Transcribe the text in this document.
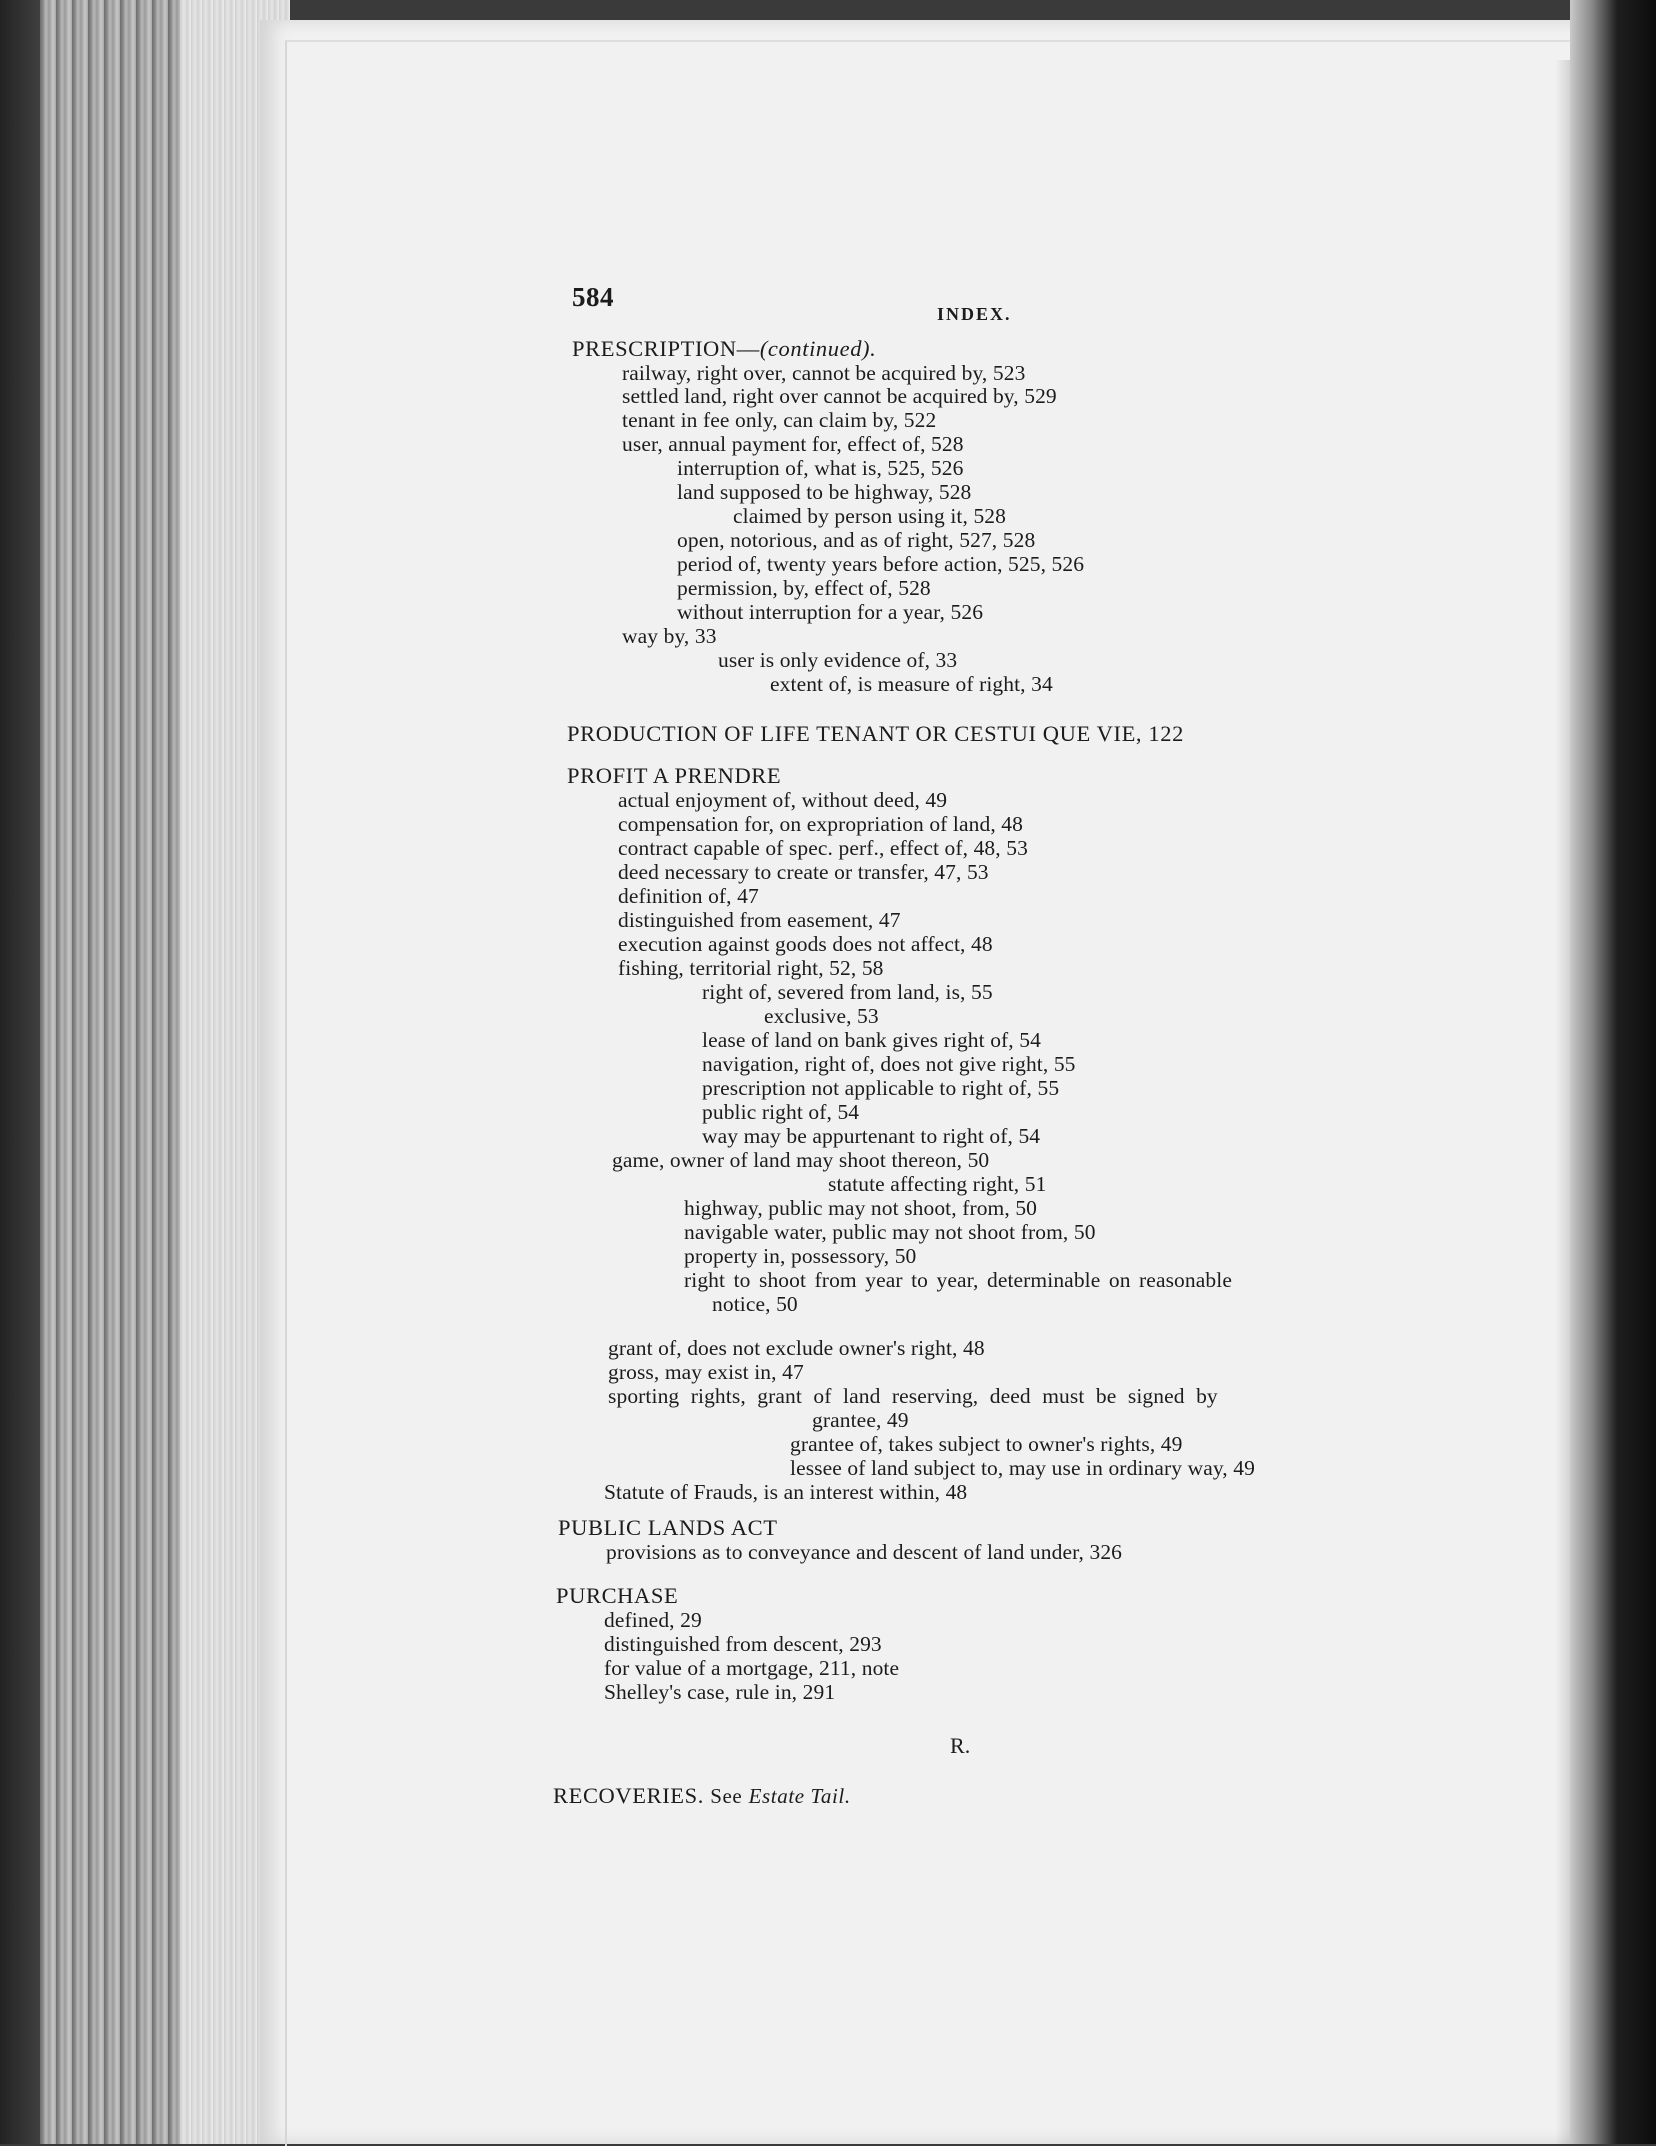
584
INDEX.
PRESCRIPTION—(continued).
railway, right over, cannot be acquired by, 523
settled land, right over cannot be acquired by, 529
tenant in fee only, can claim by, 522
user, annual payment for, effect of, 528
interruption of, what is, 525, 526
land supposed to be highway, 528
claimed by person using it, 528
open, notorious, and as of right, 527, 528
period of, twenty years before action, 525, 526
permission, by, effect of, 528
without interruption for a year, 526
way by, 33
user is only evidence of, 33
extent of, is measure of right, 34
PRODUCTION OF LIFE TENANT OR CESTUI QUE VIE, 122
PROFIT A PRENDRE
actual enjoyment of, without deed, 49
compensation for, on expropriation of land, 48
contract capable of spec. perf., effect of, 48, 53
deed necessary to create or transfer, 47, 53
definition of, 47
distinguished from easement, 47
execution against goods does not affect, 48
fishing, territorial right, 52, 58
right of, severed from land, is, 55
exclusive, 53
lease of land on bank gives right of, 54
navigation, right of, does not give right, 55
prescription not applicable to right of, 55
public right of, 54
way may be appurtenant to right of, 54
game, owner of land may shoot thereon, 50
statute affecting right, 51
highway, public may not shoot, from, 50
navigable water, public may not shoot from, 50
property in, possessory, 50
right to shoot from year to year, determinable on reasonable
notice, 50
grant of, does not exclude owner's right, 48
gross, may exist in, 47
sporting rights, grant of land reserving, deed must be signed by
grantee, 49
grantee of, takes subject to owner's rights, 49
lessee of land subject to, may use in ordinary way, 49
Statute of Frauds, is an interest within, 48
PUBLIC LANDS ACT
provisions as to conveyance and descent of land under, 326
PURCHASE
defined, 29
distinguished from descent, 293
for value of a mortgage, 211, note
Shelley's case, rule in, 291
R.
RECOVERIES. See Estate Tail.
